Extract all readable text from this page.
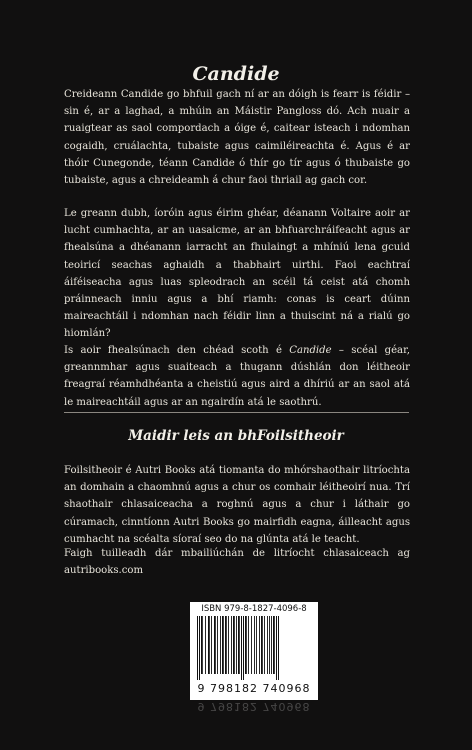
Candide

Creideann Candide go bhfuil gach ní ar an dóigh is fearr is féidir – sin é, ar a laghad, a mhúin an Máistir Pangloss dó. Ach nuair a ruaigtear as saol compordach a óige é, caitear isteach i ndomhan cogaidh, cruálachta, tubaiste agus caimiléireachta é. Agus é ar thóir Cunegonde, téann Candide ó thír go tír agus ó thubaiste go tubaiste, agus a chreideamh á chur faoi thriail ag gach cor.

Le greann dubh, íoróin agus éirim ghéar, déanann Voltaire aoir ar lucht cumhachta, ar an uasaicme, ar an bhfuarchráifeacht agus ar fhealsúna a dhéanann iarracht an fhulaingt a mhíniú lena gcuid teoiricí seachas aghaidh a thabhairt uirthi. Faoi eachtraí áiféiseacha agus luas spleodrach an scéil tá ceist atá chomh práinneach inniu agus a bhí riamh: conas is ceart dúinn maireachtáil i ndomhan nach féidir linn a thuiscint ná a rialú go hiomlán?

Is aoir fhealsúnach den chéad scoth é Candide – scéal géar, greannmhar agus suaiteach a thugann dúshlán don léitheoir freagraí réamhdhéanta a cheistiú agus aird a dhíriú ar an saol atá le maireachtáil agus ar an ngairdín atá le saothrú.

Maidir leis an bhFoilsitheoir

Foilsitheoir é Autri Books atá tiomanta do mhórshaothair litríochta an domhain a chaomhnú agus a chur os comhair léitheoirí nua. Trí shaothair chlasaiceacha a roghnú agus a chur i láthair go cúramach, cinntíonn Autri Books go mairfidh eagna, áilleacht agus cumhacht na scéalta síoraí seo do na glúnta atá le teacht.

Faigh tuilleadh dár mbailiúchán de litríocht chlasaiceach ag autribooks.com

ISBN 979-8-1827-4096-8
9 798182 740968
9 798182 740968
